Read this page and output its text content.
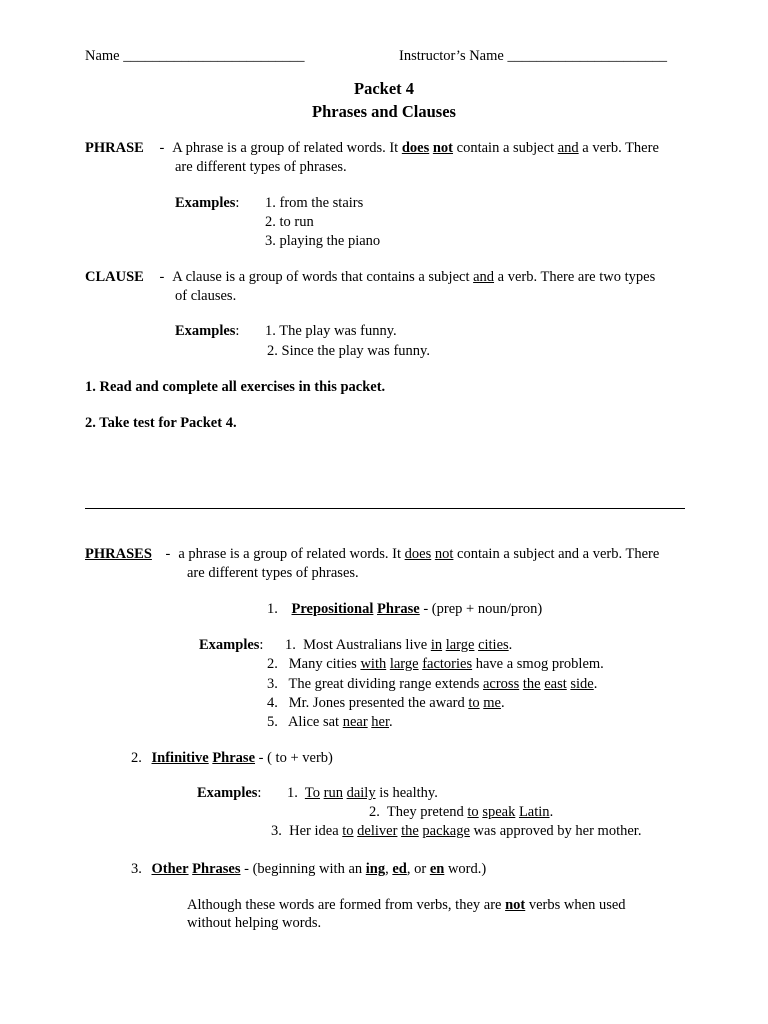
Name _________________________	Instructor’s Name ______________________
Packet 4
Phrases and Clauses
PHRASE - A phrase is a group of related words. It does not contain a subject and a verb. There
are different types of phrases.
Examples: 1. from the stairs
2. to run
3. playing the piano
CLAUSE - A clause is a group of words that contains a subject and a verb. There are two types
of clauses.
Examples: 1. The play was funny.
2. Since the play was funny.
1. Read and complete all exercises in this packet.
2. Take test for Packet 4.
PHRASES - a phrase is a group of related words. It does not contain a subject and a verb. There
are different types of phrases.
1. Prepositional Phrase - (prep + noun/pron)
Examples: 1. Most Australians live in large cities.
2. Many cities with large factories have a smog problem.
3. The great dividing range extends across the east side.
4. Mr. Jones presented the award to me.
5. Alice sat near her.
2. Infinitive Phrase - ( to + verb)
Examples: 1. To run daily is healthy.
2. They pretend to speak Latin.
3. Her idea to deliver the package was approved by her mother.
3. Other Phrases - (beginning with an ing, ed, or en word.)
Although these words are formed from verbs, they are not verbs when used
without helping words.
